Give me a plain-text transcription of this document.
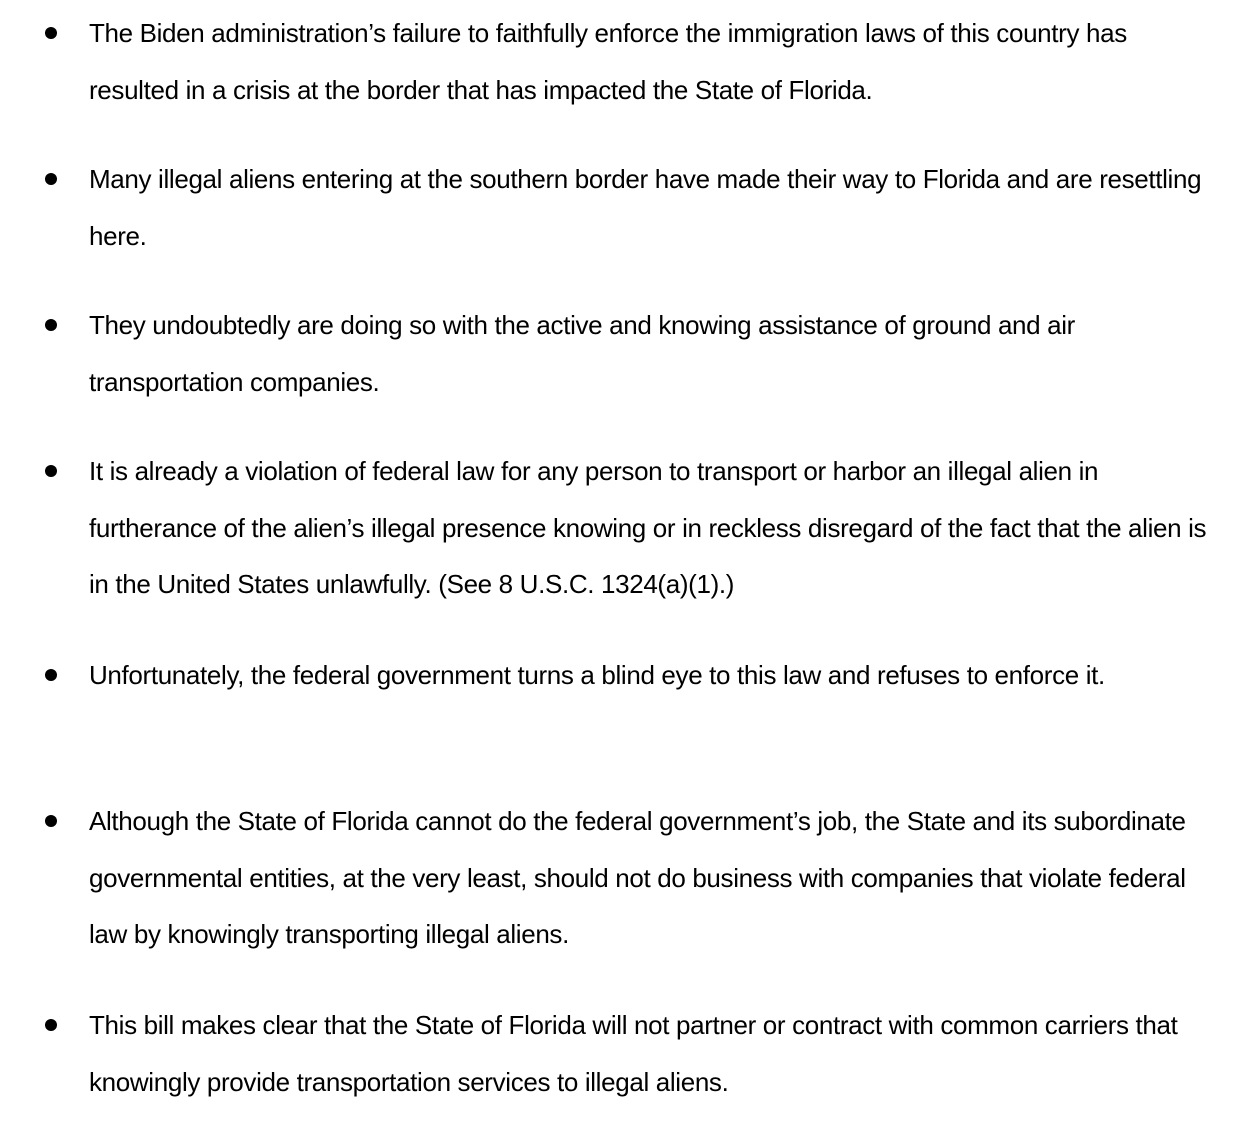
The Biden administration’s failure to faithfully enforce the immigration laws of this country has resulted in a crisis at the border that has impacted the State of Florida.
Many illegal aliens entering at the southern border have made their way to Florida and are resettling here.
They undoubtedly are doing so with the active and knowing assistance of ground and air transportation companies.
It is already a violation of federal law for any person to transport or harbor an illegal alien in furtherance of the alien’s illegal presence knowing or in reckless disregard of the fact that the alien is in the United States unlawfully. (See 8 U.S.C. 1324(a)(1).)
Unfortunately, the federal government turns a blind eye to this law and refuses to enforce it.
Although the State of Florida cannot do the federal government’s job, the State and its subordinate governmental entities, at the very least, should not do business with companies that violate federal law by knowingly transporting illegal aliens.
This bill makes clear that the State of Florida will not partner or contract with common carriers that knowingly provide transportation services to illegal aliens.
